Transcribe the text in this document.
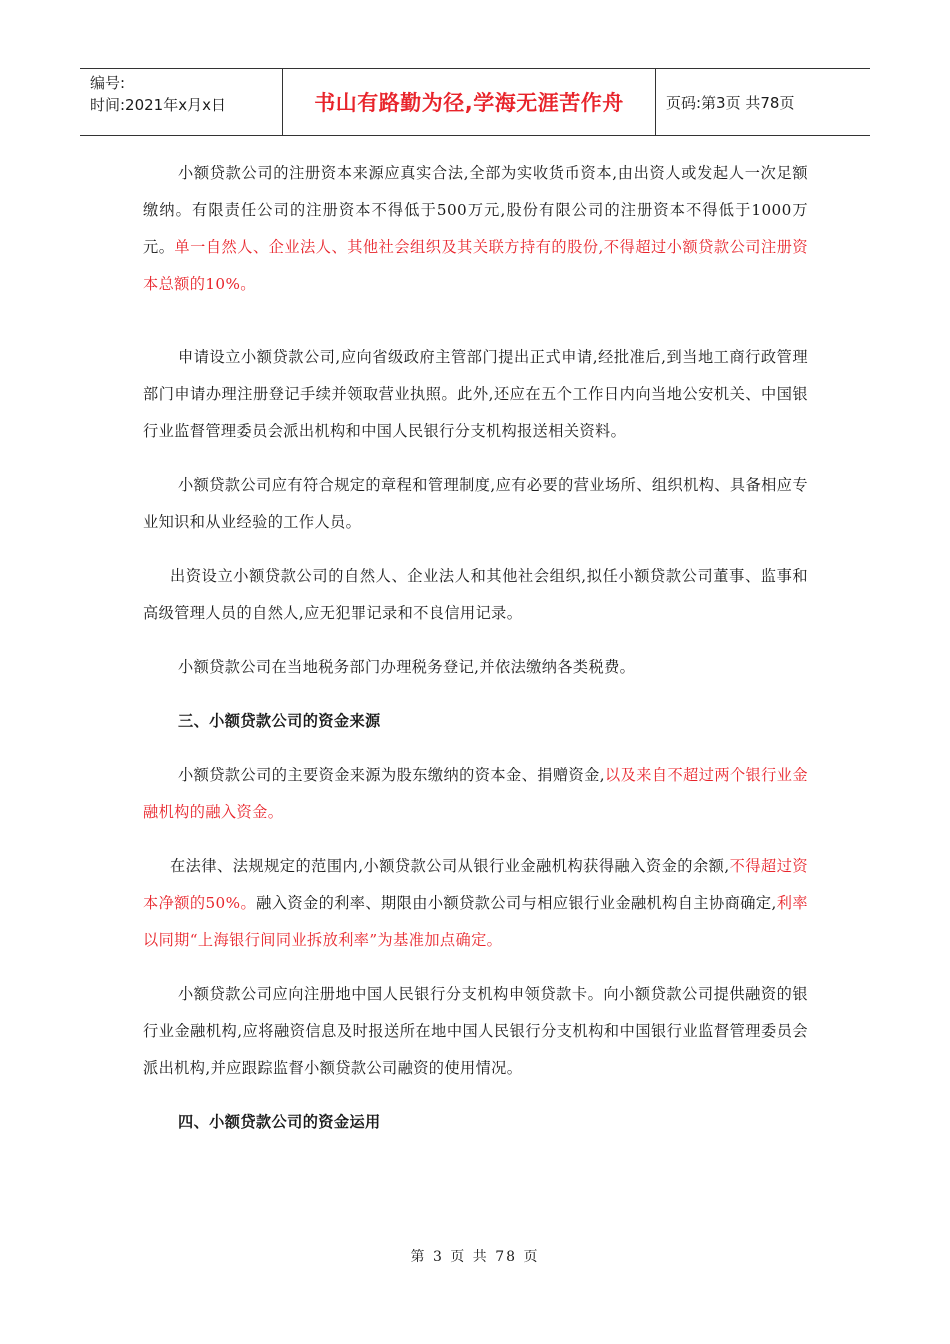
编号:
时间:2021年x月x日	书山有路勤为径,学海无涯苦作舟	页码:第3页 共78页

小额贷款公司的注册资本来源应真实合法,全部为实收货币资本,由出资人或发起人一次足额缴纳。有限责任公司的注册资本不得低于500万元,股份有限公司的注册资本不得低于1000万元。单一自然人、企业法人、其他社会组织及其关联方持有的股份,不得超过小额贷款公司注册资本总额的10%。

申请设立小额贷款公司,应向省级政府主管部门提出正式申请,经批准后,到当地工商行政管理部门申请办理注册登记手续并领取营业执照。此外,还应在五个工作日内向当地公安机关、中国银行业监督管理委员会派出机构和中国人民银行分支机构报送相关资料。

小额贷款公司应有符合规定的章程和管理制度,应有必要的营业场所、组织机构、具备相应专业知识和从业经验的工作人员。

出资设立小额贷款公司的自然人、企业法人和其他社会组织,拟任小额贷款公司董事、监事和高级管理人员的自然人,应无犯罪记录和不良信用记录。

小额贷款公司在当地税务部门办理税务登记,并依法缴纳各类税费。

三、小额贷款公司的资金来源

小额贷款公司的主要资金来源为股东缴纳的资本金、捐赠资金,以及来自不超过两个银行业金融机构的融入资金。

在法律、法规规定的范围内,小额贷款公司从银行业金融机构获得融入资金的余额,不得超过资本净额的50%。融入资金的利率、期限由小额贷款公司与相应银行业金融机构自主协商确定,利率以同期“上海银行间同业拆放利率”为基准加点确定。

小额贷款公司应向注册地中国人民银行分支机构申领贷款卡。向小额贷款公司提供融资的银行业金融机构,应将融资信息及时报送所在地中国人民银行分支机构和中国银行业监督管理委员会派出机构,并应跟踪监督小额贷款公司融资的使用情况。

四、小额贷款公司的资金运用

第 3 页 共 78 页
